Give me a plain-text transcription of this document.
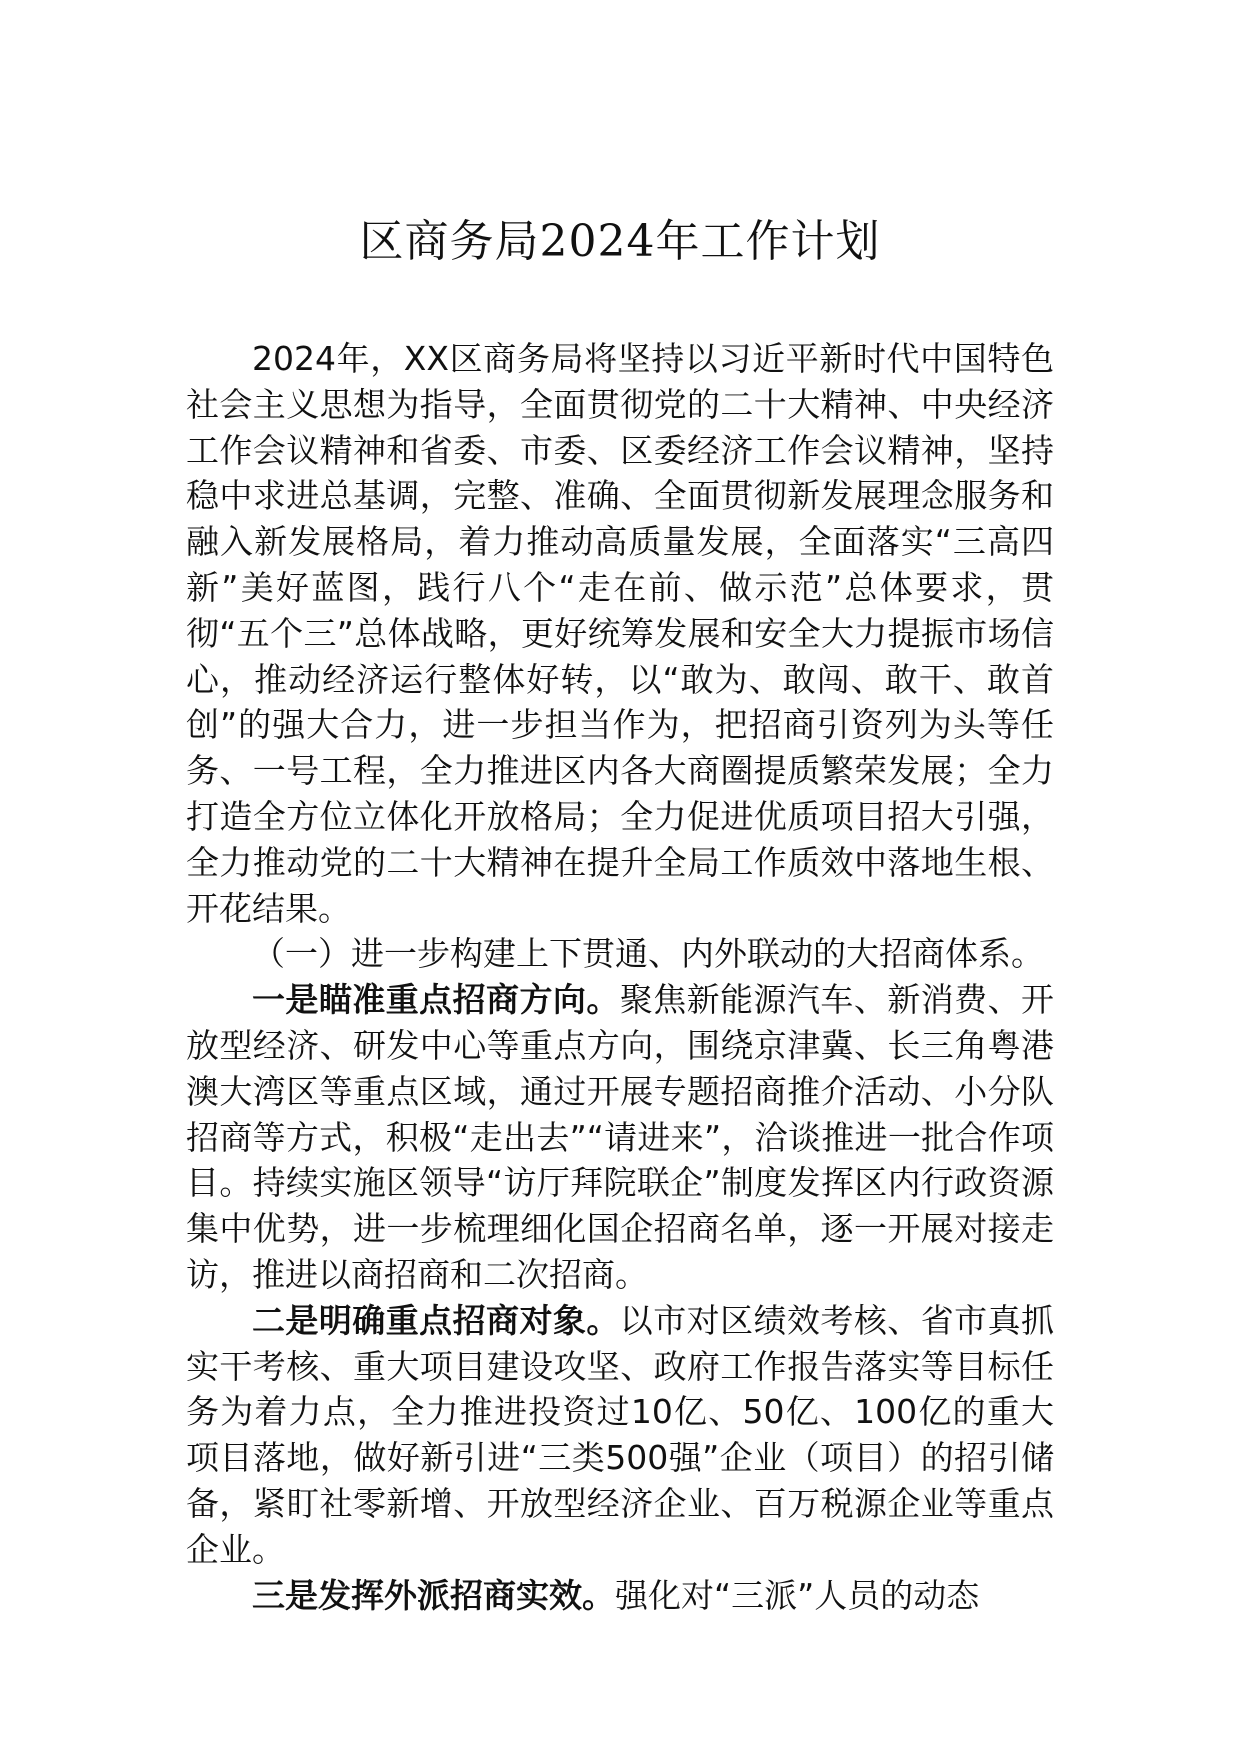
区商务局2024年工作计划

2024年，XX区商务局将坚持以习近平新时代中国特色社会主义思想为指导，全面贯彻党的二十大精神、中央经济工作会议精神和省委、市委、区委经济工作会议精神，坚持稳中求进总基调，完整、准确、全面贯彻新发展理念服务和融入新发展格局，着力推动高质量发展，全面落实“三高四新”美好蓝图，践行八个“走在前、做示范”总体要求，贯彻“五个三”总体战略，更好统筹发展和安全大力提振市场信心，推动经济运行整体好转，以“敢为、敢闯、敢干、敢首创”的强大合力，进一步担当作为，把招商引资列为头等任务、一号工程，全力推进区内各大商圈提质繁荣发展；全力打造全方位立体化开放格局；全力促进优质项目招大引强，全力推动党的二十大精神在提升全局工作质效中落地生根、开花结果。

（一）进一步构建上下贯通、内外联动的大招商体系。

一是瞄准重点招商方向。聚焦新能源汽车、新消费、开放型经济、研发中心等重点方向，围绕京津冀、长三角粤港澳大湾区等重点区域，通过开展专题招商推介活动、小分队招商等方式，积极“走出去”“请进来”，洽谈推进一批合作项目。持续实施区领导“访厅拜院联企”制度发挥区内行政资源集中优势，进一步梳理细化国企招商名单，逐一开展对接走访，推进以商招商和二次招商。

二是明确重点招商对象。以市对区绩效考核、省市真抓实干考核、重大项目建设攻坚、政府工作报告落实等目标任务为着力点，全力推进投资过10亿、50亿、100亿的重大项目落地，做好新引进“三类500强”企业（项目）的招引储备，紧盯社零新增、开放型经济企业、百万税源企业等重点企业。

三是发挥外派招商实效。强化对“三派”人员的动态
